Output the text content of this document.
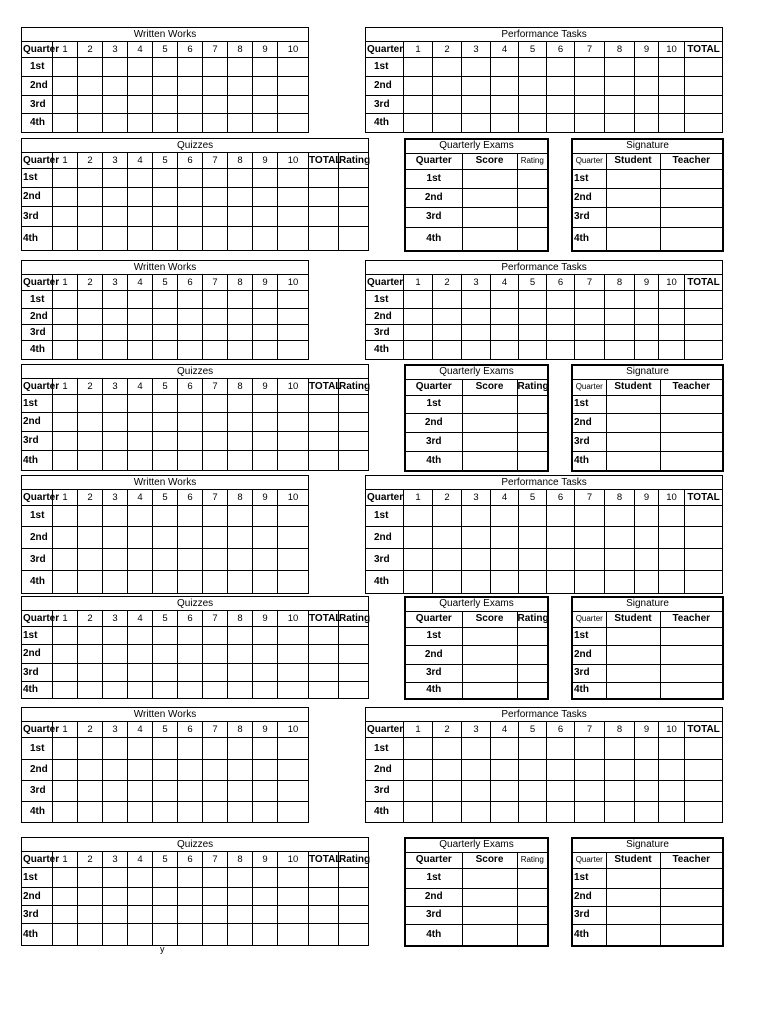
Written Works											
Quarter	1	2	3	4	5	6	7	8	9	10	
1st											
2nd											
3rd											
4th											
Performance Tasks											
Quarter	1	2	3	4	5	6	7	8	9	10	TOTAL
1st											
2nd											
3rd											
4th											
Quizzes												
Quarter	1	2	3	4	5	6	7	8	9	10	TOTAL	Rating
1st												
2nd												
3rd												
4th												
Quarterly Exams		
Quarter	Score	Rating
1st		
2nd		
3rd		
4th		
Signature		
Quarter	Student	Teacher
1st		
2nd		
3rd		
4th		
Written Works											
Quarter	1	2	3	4	5	6	7	8	9	10	
1st											
2nd											
3rd											
4th											
Performance Tasks											
Quarter	1	2	3	4	5	6	7	8	9	10	TOTAL
1st											
2nd											
3rd											
4th											
Quizzes												
Quarter	1	2	3	4	5	6	7	8	9	10	TOTAL	Rating
1st												
2nd												
3rd												
4th												
Quarterly Exams		
Quarter	Score	Rating
1st		
2nd		
3rd		
4th		
Signature		
Quarter	Student	Teacher
1st		
2nd		
3rd		
4th		
Written Works											
Quarter	1	2	3	4	5	6	7	8	9	10	
1st											
2nd											
3rd											
4th											
Performance Tasks											
Quarter	1	2	3	4	5	6	7	8	9	10	TOTAL
1st											
2nd											
3rd											
4th											
Quizzes												
Quarter	1	2	3	4	5	6	7	8	9	10	TOTAL	Rating
1st												
2nd												
3rd												
4th												
Quarterly Exams		
Quarter	Score	Rating
1st		
2nd		
3rd		
4th		
Signature		
Quarter	Student	Teacher
1st		
2nd		
3rd		
4th		
Written Works											
Quarter	1	2	3	4	5	6	7	8	9	10	
1st											
2nd											
3rd											
4th											
Performance Tasks											
Quarter	1	2	3	4	5	6	7	8	9	10	TOTAL
1st											
2nd											
3rd											
4th											
Quizzes												
Quarter	1	2	3	4	5	6	7	8	9	10	TOTAL	Rating
1st												
2nd												
3rd												
4th												
Quarterly Exams		
Quarter	Score	Rating
1st		
2nd		
3rd		
4th		
Signature		
Quarter	Student	Teacher
1st		
2nd		
3rd		
4th		
y
